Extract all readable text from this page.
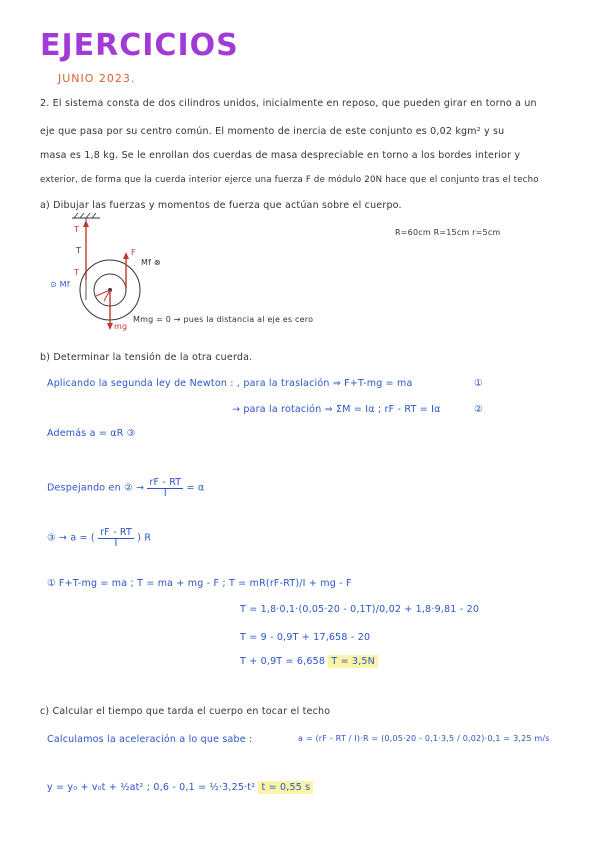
EJERCICIOS
JUNIO 2023.
2. El sistema consta de dos cilindros unidos, inicialmente en reposo, que pueden girar en torno a un
eje que pasa por su centro común. El momento de inercia de este conjunto es 0,02 kgm² y su
masa es 1,8 kg. Se le enrollan dos cuerdas de masa despreciable en torno a los bordes interior y
exterior, de forma que la cuerda interior ejerce una fuerza F de módulo 20N hace que el conjunto tras el techo
a) Dibujar las fuerzas y momentos de fuerza que actúan sobre el cuerpo.
R=60cm R=15cm r=5cm
T
T
T	F
Mf ⊗
⊙ Mf
mg
Mmg = 0 → pues la distancia al eje es cero
b) Determinar la tensión de la otra cuerda.
Aplicando la segunda ley de Newton : , para la traslación ⇒ F+T-mg = ma	①
→ para la rotación ⇒ ΣM = Iα ; rF - RT = Iα	②
Además a = αR ③
Despejando en ② → $\frac{rF - RT}{I} = \alpha$
③ → a = ( $\frac{rF - RT}{I}$ ) R
① F+T-mg = ma ; T = ma + mg - F ; T = mR(rF-RT)/I + mg - F
T = 1,8·0,1·(0,05·20 - 0,1T)/0,02 + 1,8·9,81 - 20
T = 9 - 0,9T + 17,658 - 20
T + 0,9T = 6,658 T = 3,5N
c) Calcular el tiempo que tarda el cuerpo en tocar el techo
Calculamos la aceleración a lo que sabe :	a = (rF - RT / I)·R = (0,05·20 - 0,1·3,5 / 0,02)·0,1 = 3,25 m/s
y = y₀ + v₀t + ½at² ; 0,6 - 0,1 = ½·3,25·t² t = 0,55 s
